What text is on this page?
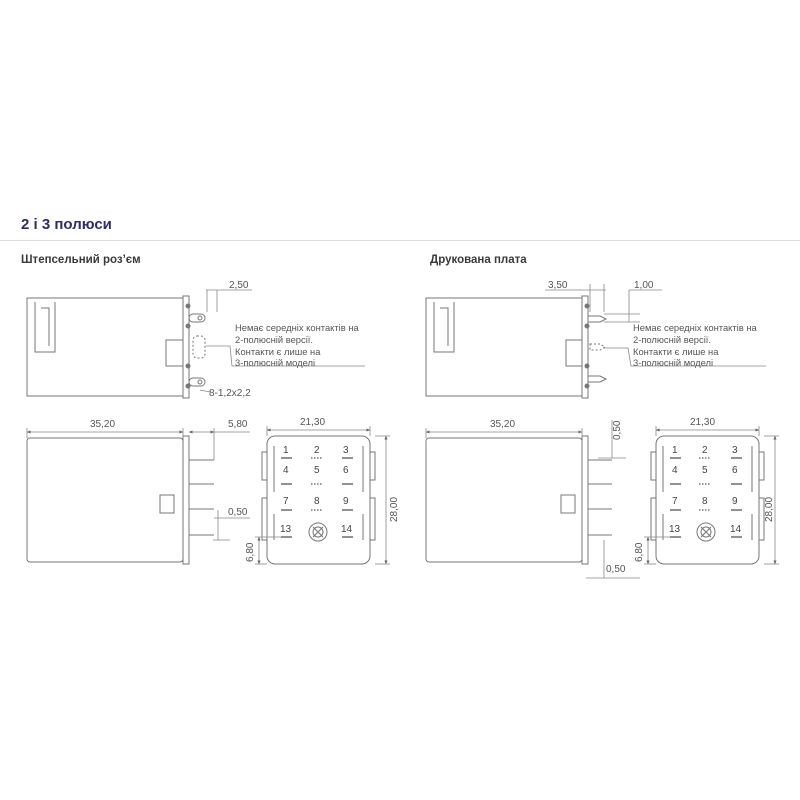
2 і 3 полюси
Штепсельний роз’єм	Друкована плата
2,50
8-1,2x2,2
Немає середніх контактів на
2-полюсній версії.
Контакти є лише на
3-полюсній моделі
35,20	5,80
0,50
1	2 3
4	5 6
7	8 9
13	14
21,30
28,00
6,80
3,50	1,00
Немає середніх контактів на
2-полюсній версії.
Контакти є лише на
3-полюсній моделі
35,20	0,50
0,50
1 2 3
4 5 6
7 8 9
13	14
21,30
28,00
6,80
